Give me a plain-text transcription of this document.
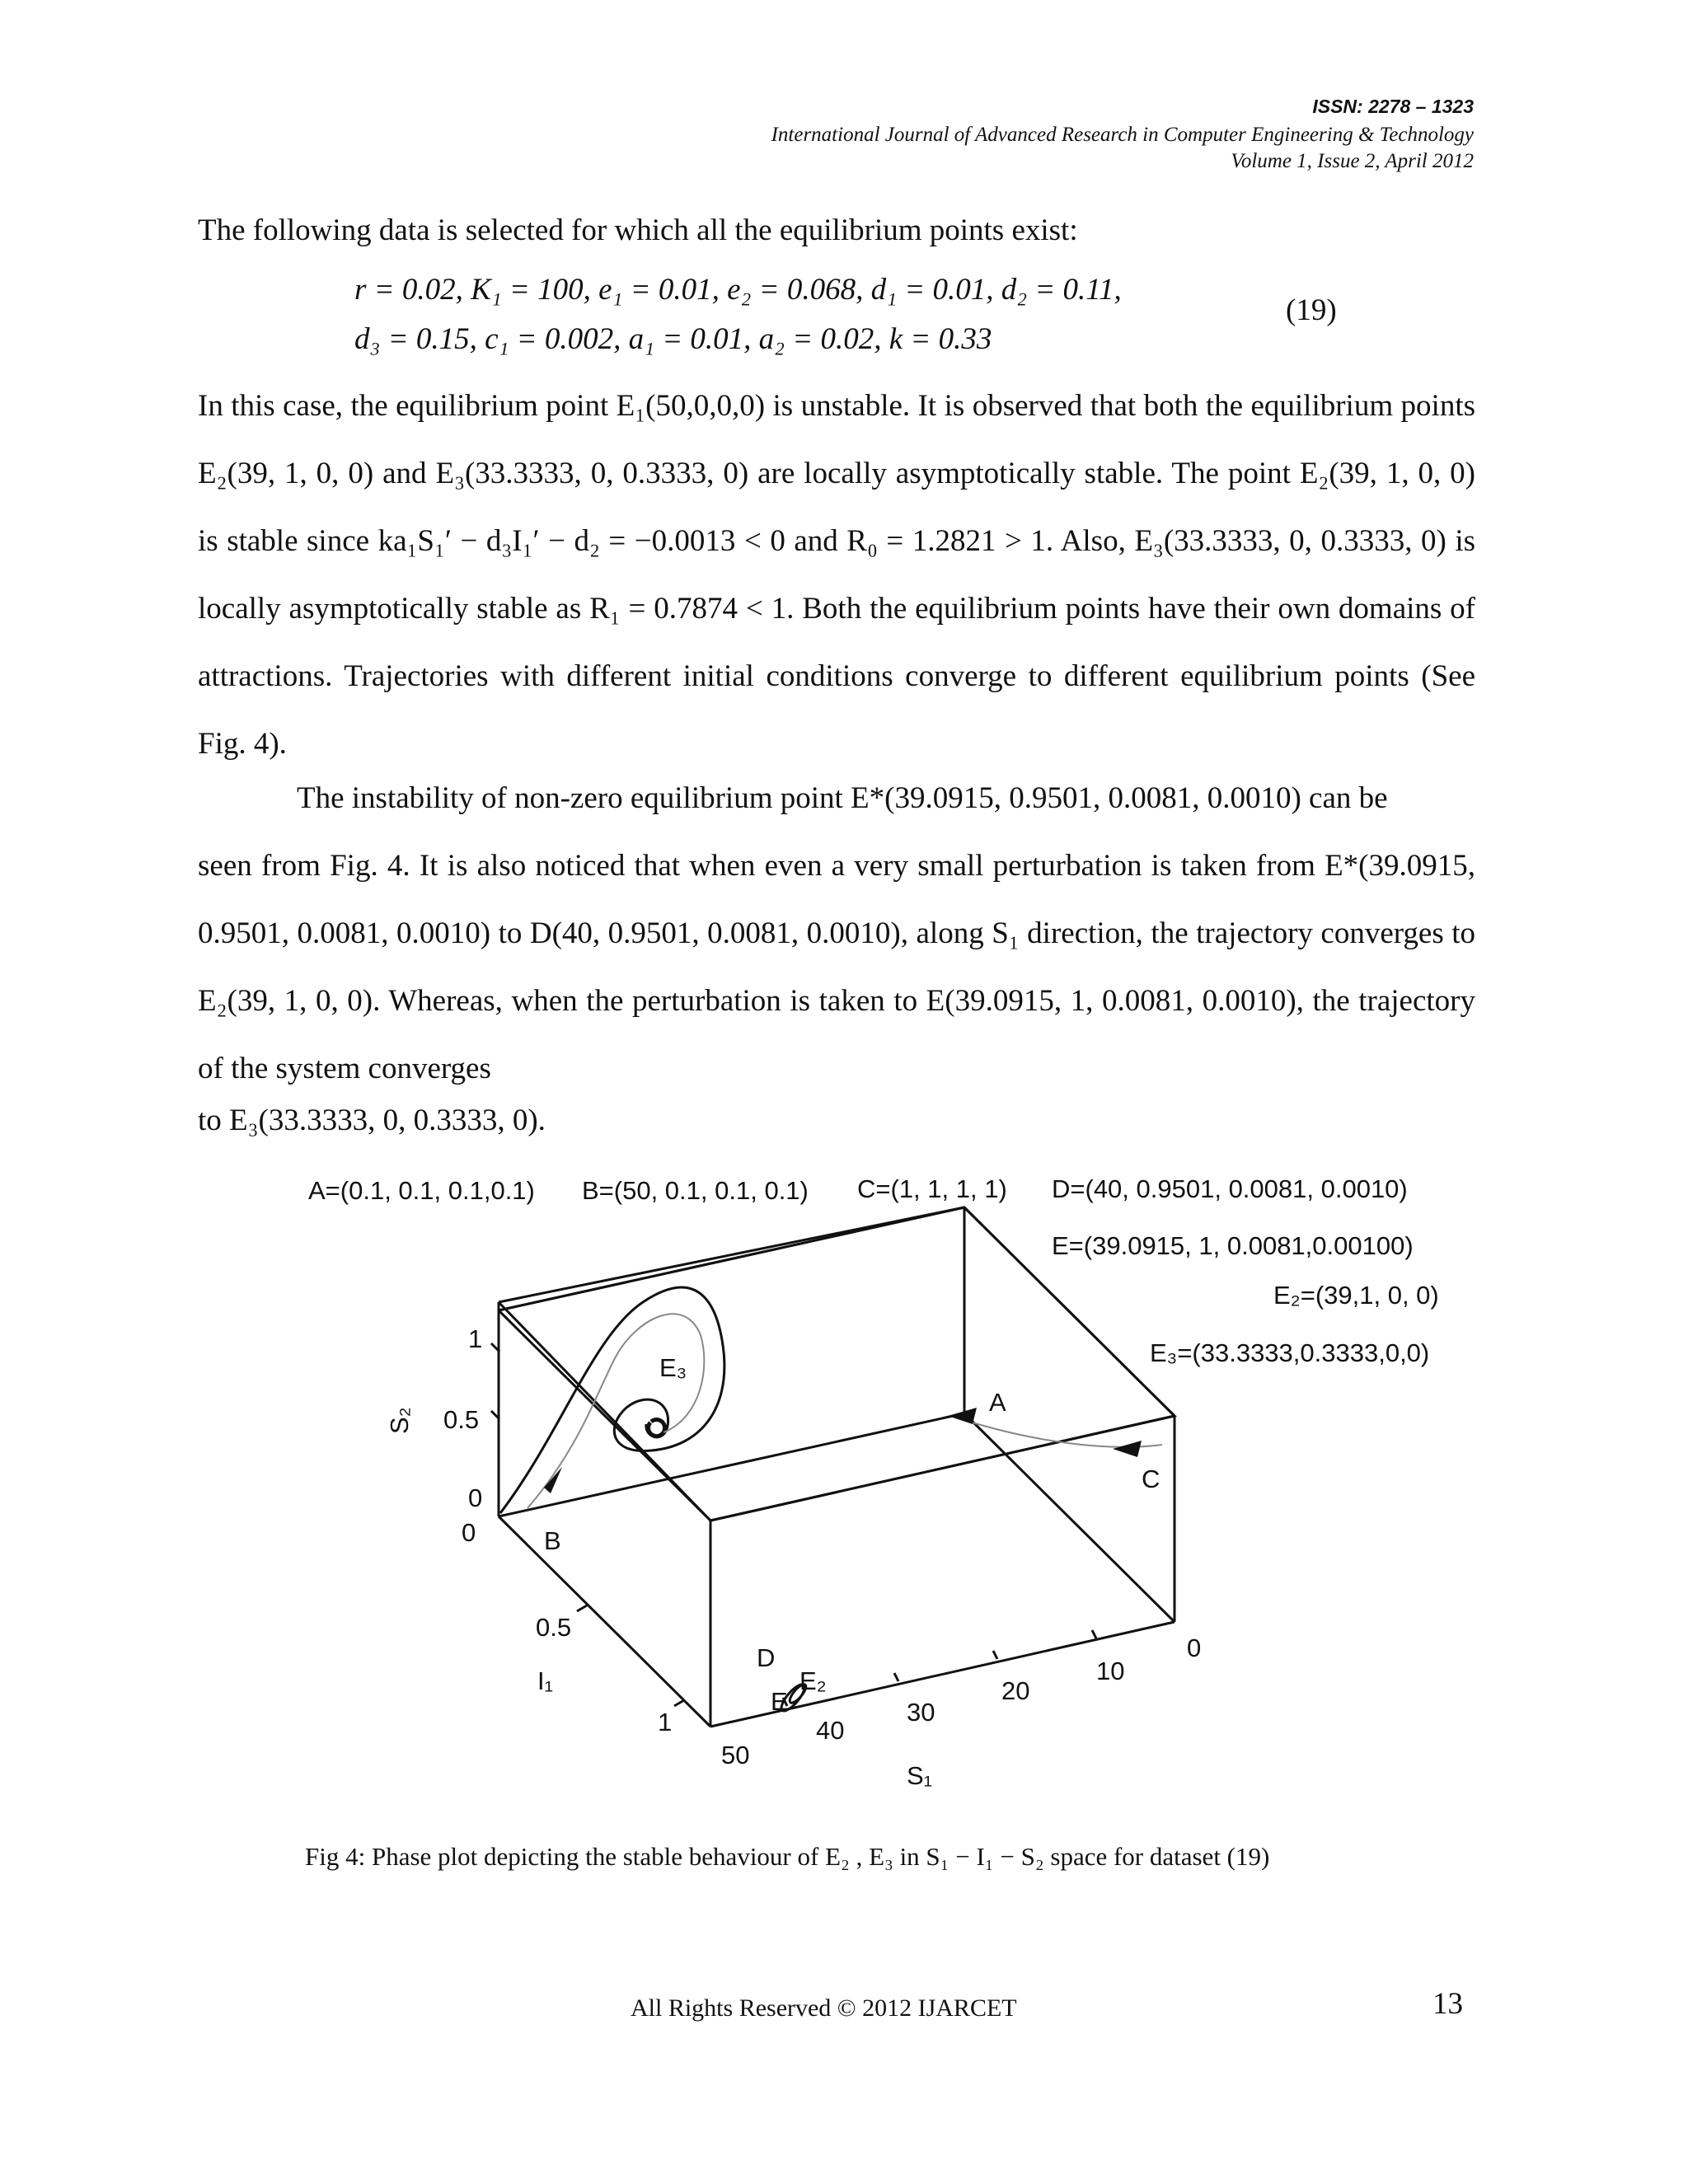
ISSN: 2278 – 1323
International Journal of Advanced Research in Computer Engineering & Technology
Volume 1, Issue 2, April 2012
The following data is selected for which all the equilibrium points exist:
r = 0.02, K₁ = 100, e₁ = 0.01, e₂ = 0.068, d₁ = 0.01, d₂ = 0.11,
d₃ = 0.15, c₁ = 0.002, a₁ = 0.01, a₂ = 0.02, k = 0.33
(19)
In this case, the equilibrium point E₁(50,0,0,0) is unstable. It is observed that both the equilibrium points E₂(39, 1, 0, 0) and E₃(33.3333, 0, 0.3333, 0) are locally asymptotically stable. The point E₂(39, 1, 0, 0) is stable since ka₁S₁′ − d₃I₁′ − d₂ = −0.0013 < 0 and R₀ = 1.2821 > 1. Also, E₃(33.3333, 0, 0.3333, 0) is locally asymptotically stable as R₁ = 0.7874 < 1. Both the equilibrium points have their own domains of attractions. Trajectories with different initial conditions converge to different equilibrium points (See Fig. 4).
The instability of non-zero equilibrium point E*(39.0915, 0.9501, 0.0081, 0.0010) can be
seen from Fig. 4. It is also noticed that when even a very small perturbation is taken from E*(39.0915, 0.9501, 0.0081, 0.0010) to D(40, 0.9501, 0.0081, 0.0010), along S₁ direction, the trajectory converges to E₂(39, 1, 0, 0). Whereas, when the perturbation is taken to E(39.0915, 1, 0.0081, 0.0010), the trajectory of the system converges
to E₃(33.3333, 0, 0.3333, 0).
A=(0.1, 0.1, 0.1,0.1) B=(50, 0.1, 0.1, 0.1) C=(1, 1, 1, 1) D=(40, 0.9501, 0.0081, 0.0010)
E=(39.0915, 1, 0.0081,0.00100)
E₂=(39,1, 0, 0)
E₃=(33.3333,0.3333,0,0)
1
0.5
0
S₂
0
0.5
1
I₁
50
40
30
20
10
0
S₁
A
B
C
D
E
E₂
E₃
Fig 4: Phase plot depicting the stable behaviour of E₂ , E₃ in S₁ − I₁ − S₂ space for dataset (19)
All Rights Reserved © 2012 IJARCET	13
